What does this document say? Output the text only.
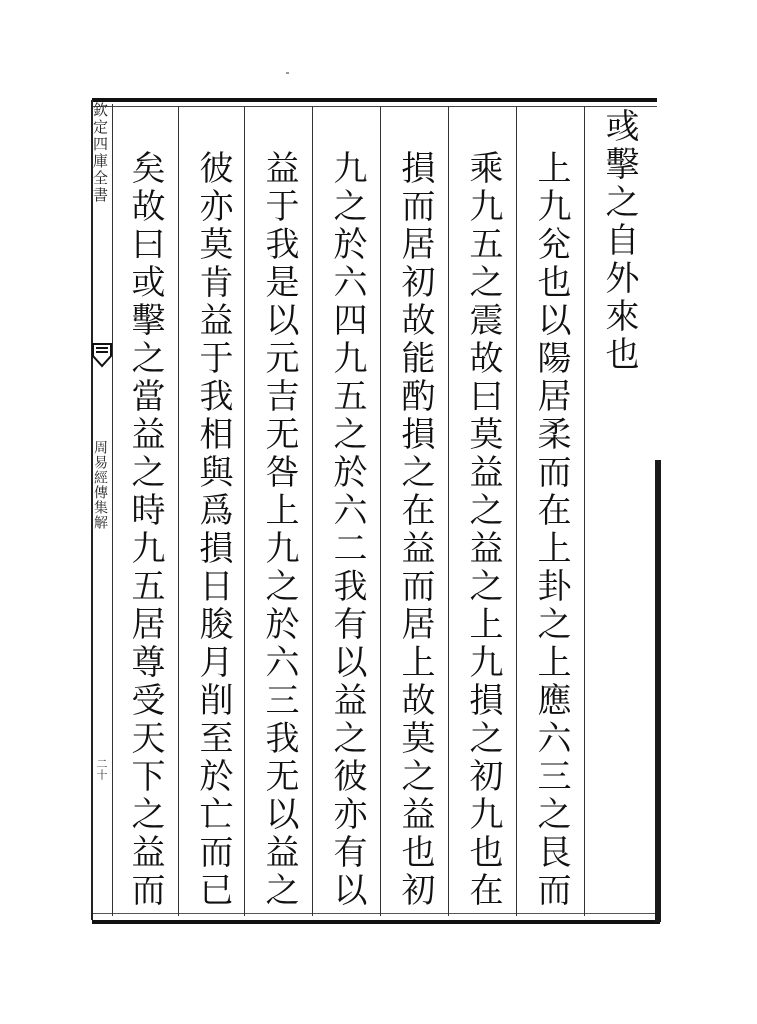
欽定四庫全書
周易經傳集解
二十
彧擊之自外來也
上九兊也以陽居柔而在上卦之上應六三之艮而
乘九五之震故曰莫益之益之上九損之初九也在
損而居初故能酌損之在益而居上故莫之益也初
九之於六四九五之於六二我有以益之彼亦有以
益于我是以元吉无咎上九之於六三我无以益之
彼亦莫肯益于我相與爲損日朘月削至於亡而已
矣故曰或擊之當益之時九五居尊受天下之益而
